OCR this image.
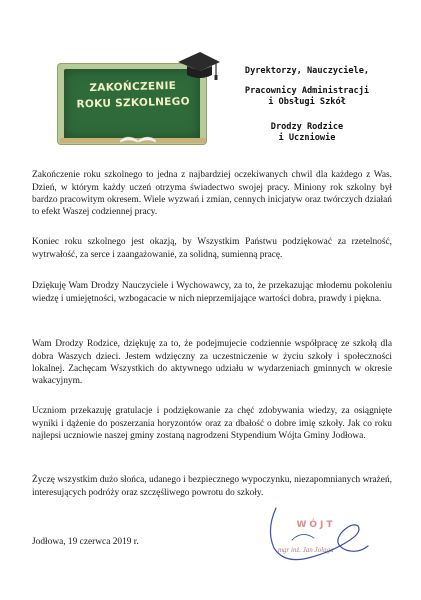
ZAKOŃCZENIE
ROKU SZKOLNEGO
Dyrektorzy, Nauczyciele,
Pracownicy Administracji
i Obsługi Szkół
Drodzy Rodzice
i Uczniowie

Zakończenie roku szkolnego to jedna z najbardziej oczekiwanych chwil dla każdego z Was. Dzień, w którym każdy uczeń otrzyma świadectwo swojej pracy. Miniony rok szkolny był bardzo pracowitym okresem. Wiele wyzwań i zmian, cennych inicjatyw oraz twórczych działań to efekt Waszej codziennej pracy.

Koniec roku szkolnego jest okazją, by Wszystkim Państwu podziękować za rzetelność, wytrwałość, za serce i zaangażowanie, za solidną, sumienną pracę.

Dziękuję Wam Drodzy Nauczyciele i Wychowawcy, za to, że przekazując młodemu pokoleniu wiedzę i umiejętności, wzbogacacie w nich nieprzemijające wartości dobra, prawdy i piękna.

Wam Drodzy Rodzice, dziękuję za to, że podejmujecie codziennie współpracę ze szkołą dla dobra Waszych dzieci. Jestem wdzięczny za uczestniczenie w życiu szkoły i społeczności lokalnej. Zachęcam Wszystkich do aktywnego udziału w wydarzeniach gminnych w okresie wakacyjnym.

Uczniom przekazuję gratulacje i podziękowanie za chęć zdobywania wiedzy, za osiągnięte wyniki i dążenie do poszerzania horyzontów oraz za dbałość o dobre imię szkoły. Jak co roku najlepsi uczniowie naszej gminy zostaną nagrodzeni Stypendium Wójta Gminy Jodłowa.

Życzę wszystkim dużo słońca, udanego i bezpiecznego wypoczynku, niezapomnianych wrażeń, interesujących podróży oraz szczęśliwego powrotu do szkoły.

WÓJT
mgr inż. Jan Jolaga
Jodłowa, 19 czerwca 2019 r.
